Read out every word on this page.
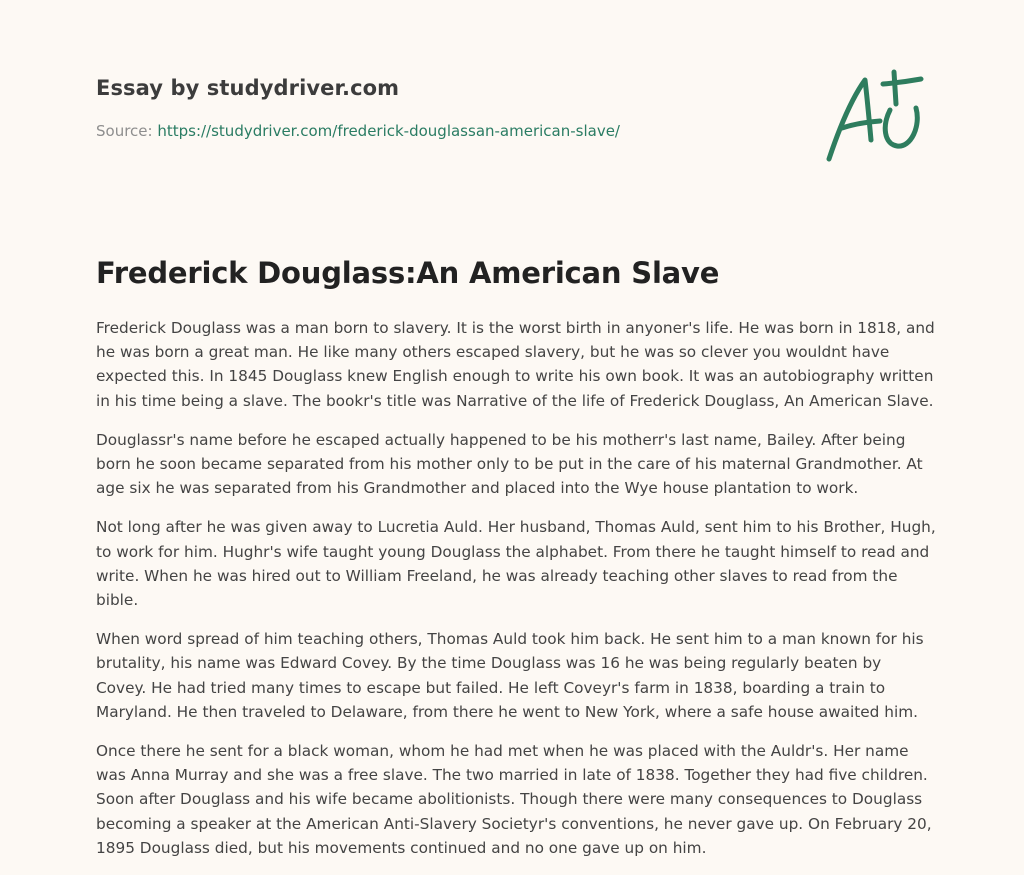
Essay by studydriver.com
Source: https://studydriver.com/frederick-douglassan-american-slave/
Frederick Douglass:An American Slave

Frederick Douglass was a man born to slavery. It is the worst birth in anyoner's life. He was born in 1818, and he was born a great man. He like many others escaped slavery, but he was so clever you wouldnt have expected this. In 1845 Douglass knew English enough to write his own book. It was an autobiography written in his time being a slave. The bookr's title was Narrative of the life of Frederick Douglass, An American Slave.

Douglassr's name before he escaped actually happened to be his motherr's last name, Bailey. After being born he soon became separated from his mother only to be put in the care of his maternal Grandmother. At age six he was separated from his Grandmother and placed into the Wye house plantation to work.

Not long after he was given away to Lucretia Auld. Her husband, Thomas Auld, sent him to his Brother, Hugh, to work for him. Hughr's wife taught young Douglass the alphabet. From there he taught himself to read and write. When he was hired out to William Freeland, he was already teaching other slaves to read from the bible.

When word spread of him teaching others, Thomas Auld took him back. He sent him to a man known for his brutality, his name was Edward Covey. By the time Douglass was 16 he was being regularly beaten by Covey. He had tried many times to escape but failed. He left Coveyr's farm in 1838, boarding a train to Maryland. He then traveled to Delaware, from there he went to New York, where a safe house awaited him.

Once there he sent for a black woman, whom he had met when he was placed with the Auldr's. Her name was Anna Murray and she was a free slave. The two married in late of 1838. Together they had five children. Soon after Douglass and his wife became abolitionists. Though there were many consequences to Douglass becoming a speaker at the American Anti-Slavery Societyr's conventions, he never gave up. On February 20, 1895 Douglass died, but his movements continued and no one gave up on him.
